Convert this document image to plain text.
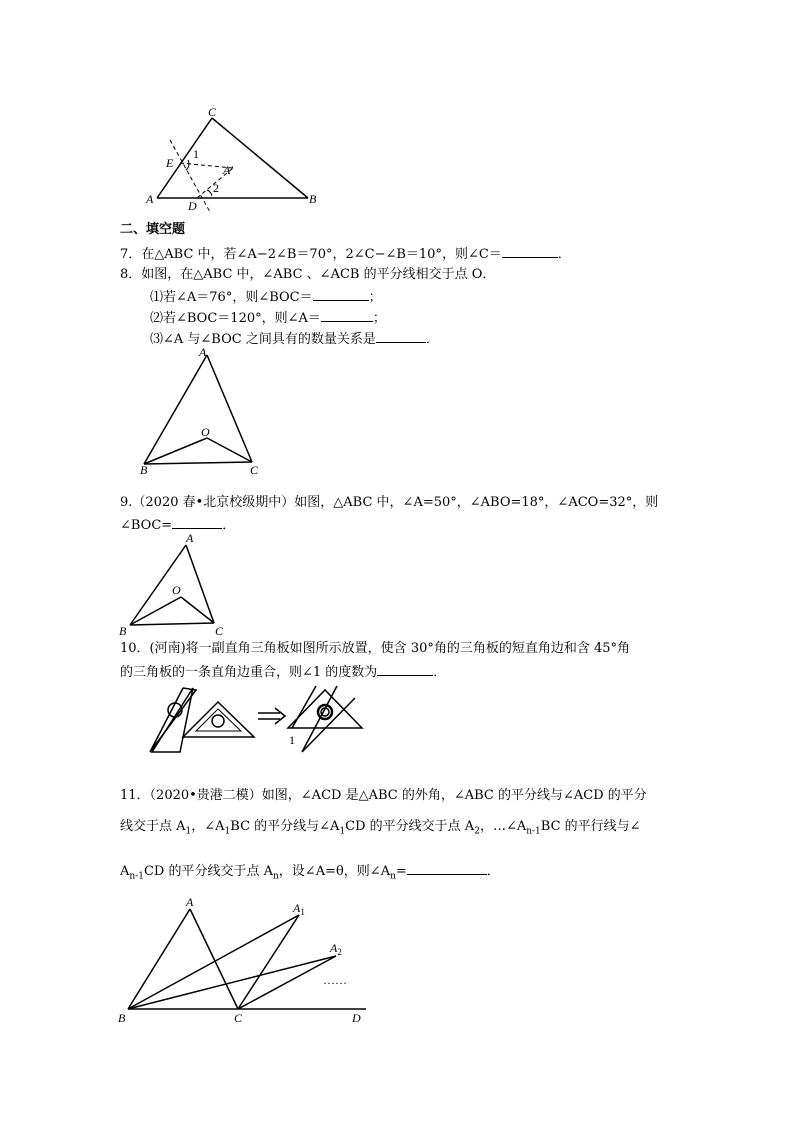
C
E
1
A′
2
A	D	B
二、填空题
7．在△ABC 中，若∠A−2∠B＝70°，2∠C−∠B＝10°，则∠C＝	．
8．如图，在△ABC 中，∠ABC 、∠ACB 的平分线相交于点 O．
⑴若∠A＝76°，则∠BOC＝	；
⑵若∠BOC＝120°，则∠A＝	；
⑶∠A 与∠BOC 之间具有的数量关系是	．
A
O
B	C
9.（2020 春•北京校级期中）如图，△ABC 中，∠A=50°，∠ABO=18°，∠ACO=32°，则
∠BOC=	．
A
O
B	C
10．(河南)将一副直角三角板如图所示放置，使含 30°角的三角板的短直角边和含 45°角
的三角板的一条直角边重合，则∠1 的度数为	．
1
11．（2020•贵港二模）如图，∠ACD 是△ABC 的外角，∠ABC 的平分线与∠ACD 的平分
线交于点 $A_1$，$\angle A_1BC$ 的平分线与$\angle A_1CD$ 的平分线交于点 $A_2$，$\dots\angle A_{n-1}BC$ 的平行线与∠
$A_{n-1}CD$ 的平分线交于点 $A_n$，设∠A=θ，则$\angle A_n=$	．
A	$A_1$
$A_2$
……
B	C	D
